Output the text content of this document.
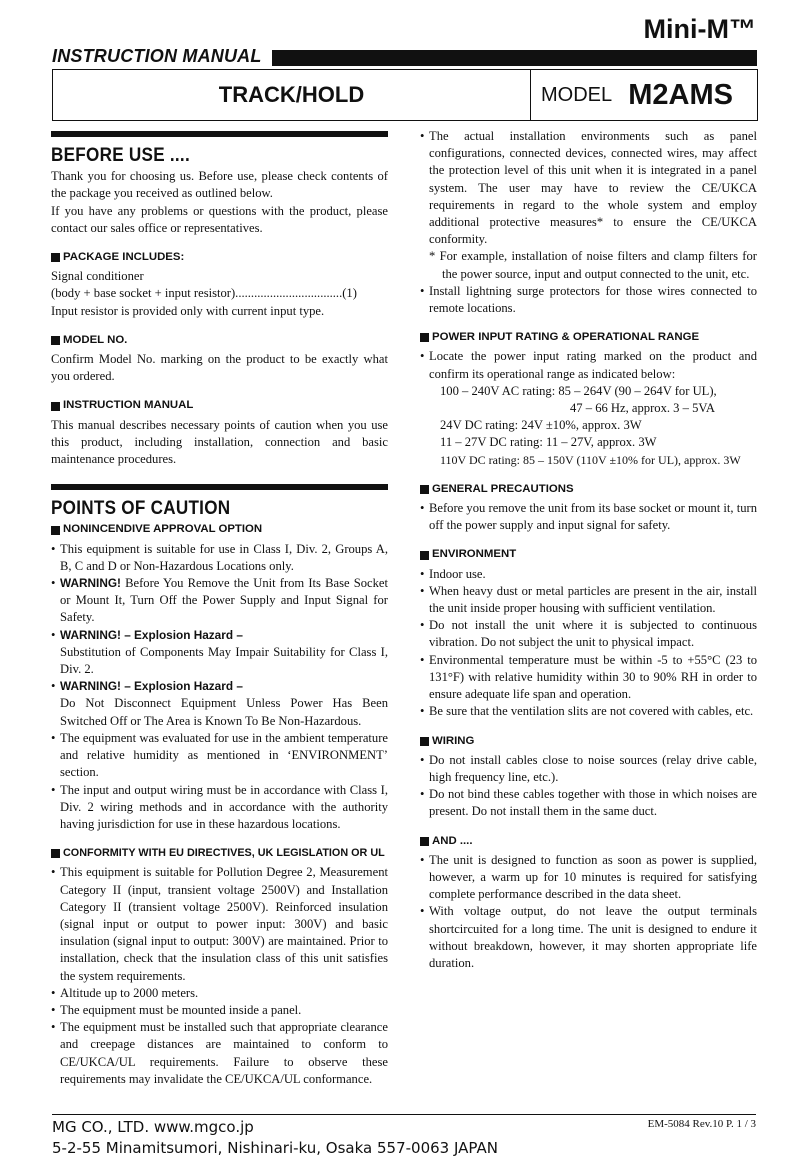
Mini-M™
INSTRUCTION MANUAL
TRACK/HOLD	MODEL M2AMS
BEFORE USE ....

Thank you for choosing us. Before use, please check contents of the package you received as outlined below.

If you have any problems or questions with the product, please contact our sales office or representatives.

PACKAGE INCLUDES:

Signal conditioner

(body + base socket + input resistor)..................................(1)

Input resistor is provided only with current input type.

MODEL NO.

Confirm Model No. marking on the product to be exactly what you ordered.

INSTRUCTION MANUAL

This manual describes necessary points of caution when you use this product, including installation, connection and basic maintenance procedures.

POINTS OF CAUTION
NONINCENDIVE APPROVAL OPTION
• This equipment is suitable for use in Class I, Div. 2, Groups A, B, C and D or Non-Hazardous Locations only.
• WARNING! Before You Remove the Unit from Its Base Socket or Mount It, Turn Off the Power Supply and Input Signal for Safety.
• WARNING! – Explosion Hazard –

Substitution of Components May Impair Suitability for Class I, Div. 2.

• WARNING! – Explosion Hazard –

Do Not Disconnect Equipment Unless Power Has Been Switched Off or The Area is Known To Be Non-Hazardous.

• The equipment was evaluated for use in the ambient temperature and relative humidity as mentioned in ‘ENVIRONMENT’ section.
• The input and output wiring must be in accordance with Class I, Div. 2 wiring methods and in accordance with the authority having jurisdiction for use in these hazardous locations.
CONFORMITY WITH EU DIRECTIVES, UK LEGISLATION OR UL
• This equipment is suitable for Pollution Degree 2, Measurement Category II (input, transient voltage 2500V) and Installation Category II (transient voltage 2500V). Reinforced insulation (signal input or output to power input: 300V) and basic insulation (signal input to output: 300V) are maintained. Prior to installation, check that the insulation class of this unit satisfies the system requirements.
• Altitude up to 2000 meters.
• The equipment must be mounted inside a panel.
• The equipment must be installed such that appropriate clearance and creepage distances are maintained to conform to CE/UKCA/UL requirements. Failure to observe these requirements may invalidate the CE/UKCA/UL conformance.
• The actual installation environments such as panel configurations, connected devices, connected wires, may affect the protection level of this unit when it is integrated in a panel system. The user may have to review the CE/UKCA requirements in regard to the whole system and employ additional protective measures* to ensure the CE/UKCA conformity.

* For example, installation of noise filters and clamp filters for the power source, input and output connected to the unit, etc.

• Install lightning surge protectors for those wires connected to remote locations.
POWER INPUT RATING & OPERATIONAL RANGE
• Locate the power input rating marked on the product and confirm its operational range as indicated below:

100 – 240V AC rating: 85 – 264V (90 – 264V for UL),

47 – 66 Hz, approx. 3 – 5VA

24V DC rating: 24V ±10%, approx. 3W

11 – 27V DC rating: 11 – 27V, approx. 3W

110V DC rating: 85 – 150V (110V ±10% for UL), approx. 3W

GENERAL PRECAUTIONS
• Before you remove the unit from its base socket or mount it, turn off the power supply and input signal for safety.
ENVIRONMENT
• Indoor use.
• When heavy dust or metal particles are present in the air, install the unit inside proper housing with sufficient ventilation.
• Do not install the unit where it is subjected to continuous vibration. Do not subject the unit to physical impact.
• Environmental temperature must be within -5 to +55°C (23 to 131°F) with relative humidity within 30 to 90% RH in order to ensure adequate life span and operation.
• Be sure that the ventilation slits are not covered with cables, etc.
WIRING
• Do not install cables close to noise sources (relay drive cable, high frequency line, etc.).
• Do not bind these cables together with those in which noises are present. Do not install them in the same duct.
AND ....
• The unit is designed to function as soon as power is supplied, however, a warm up for 10 minutes is required for satisfying complete performance described in the data sheet.
• With voltage output, do not leave the output terminals shortcircuited for a long time. The unit is designed to endure it without breakdown, however, it may shorten appropriate life duration.
MG CO., LTD. www.mgco.jp
5-2-55 Minamitsumori, Nishinari-ku, Osaka 557-0063 JAPAN
EM-5084 Rev.10 P. 1 / 3
